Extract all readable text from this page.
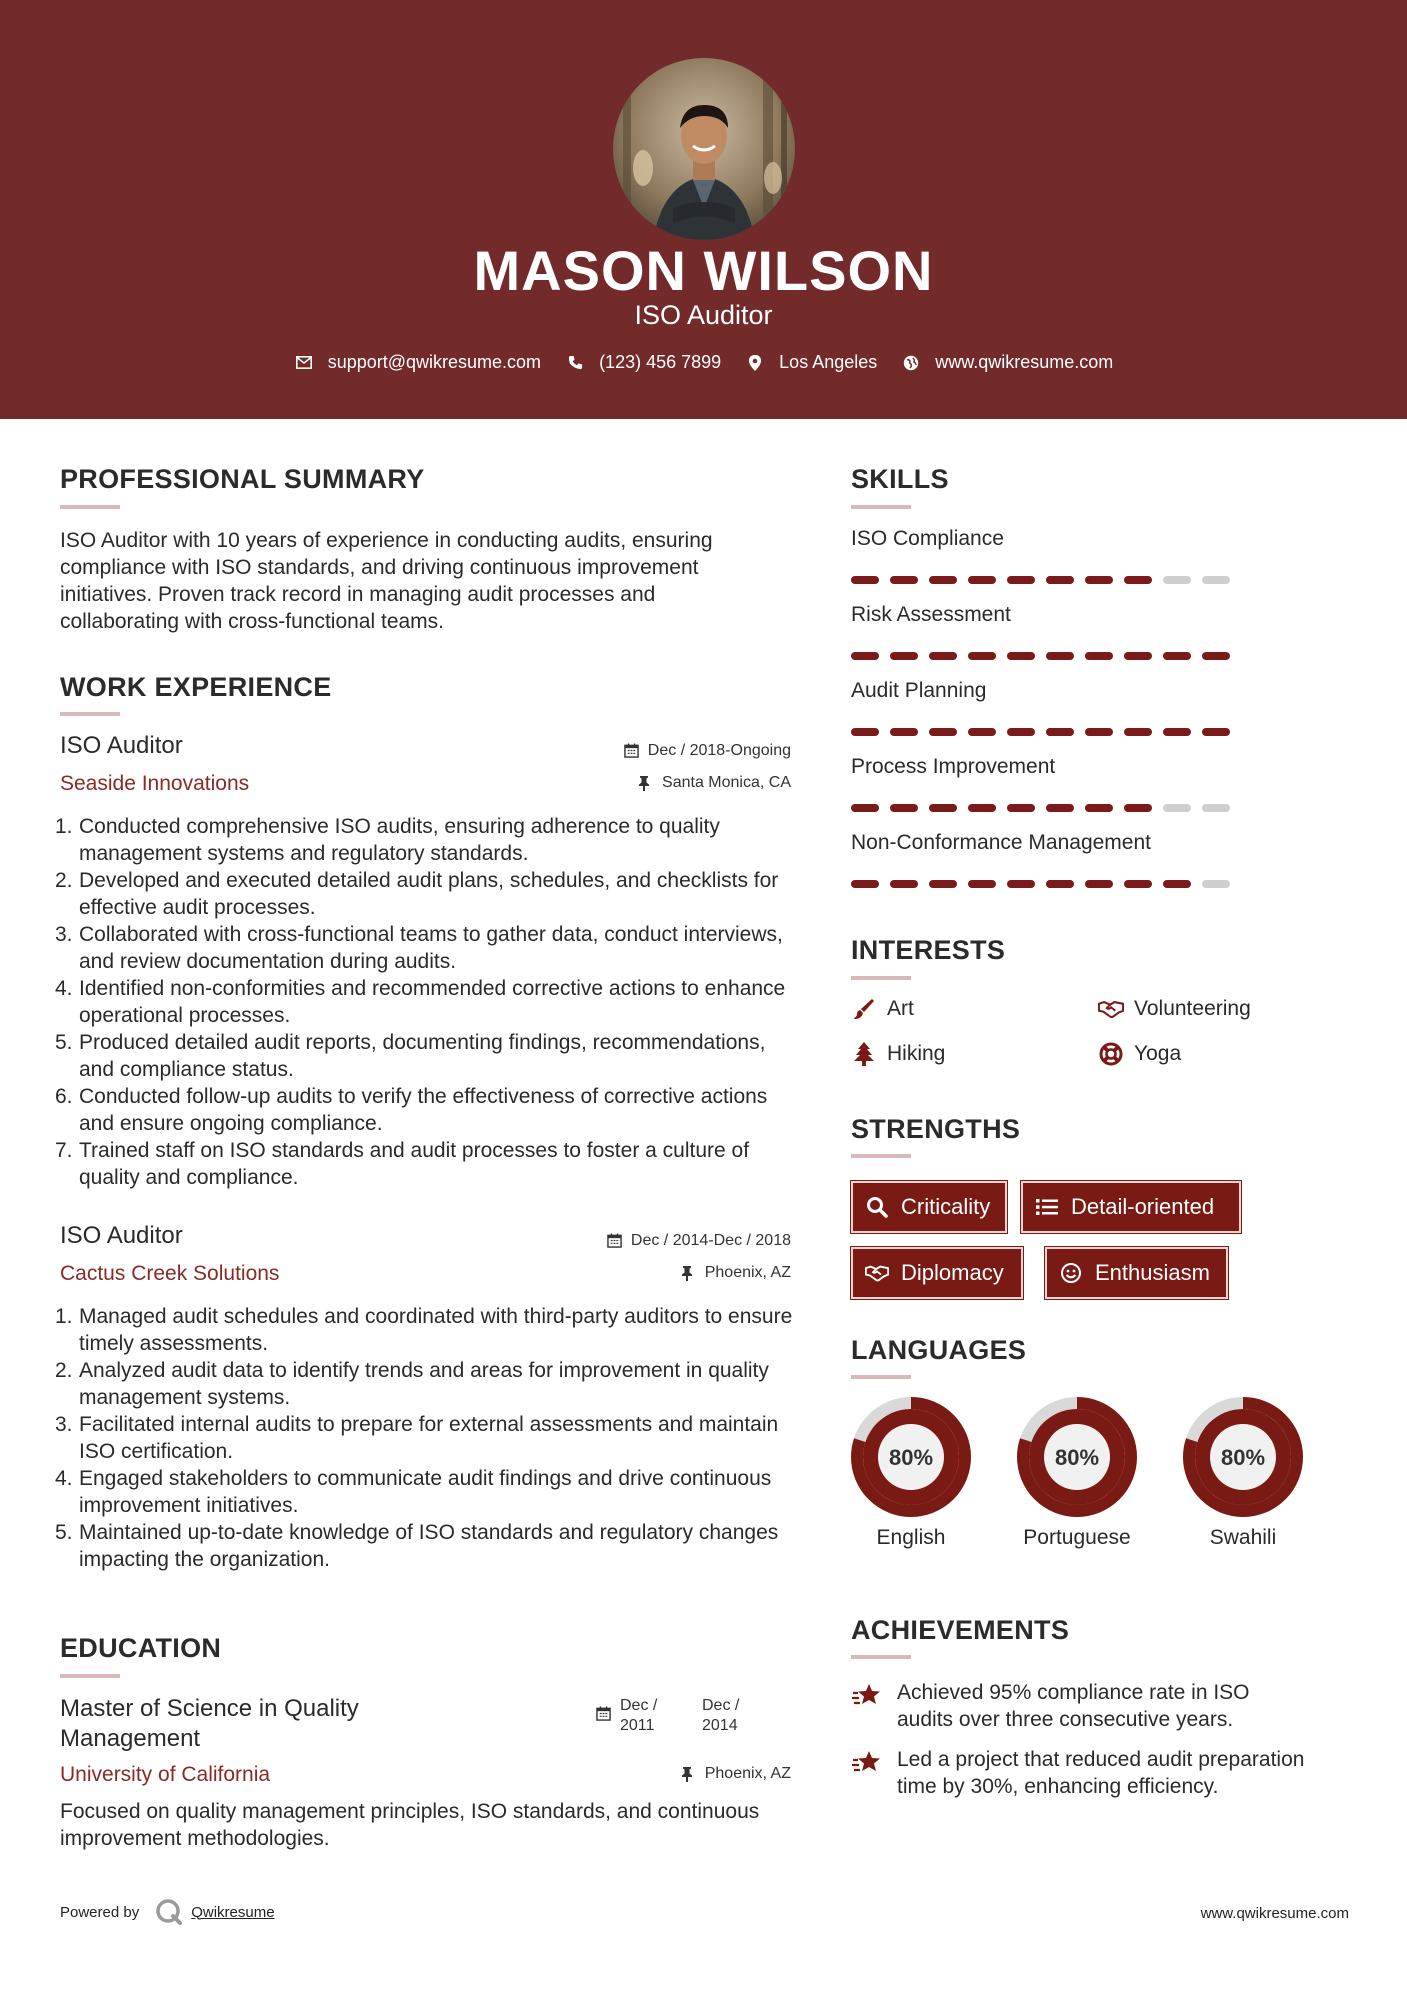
MASON WILSON
ISO Auditor
support@qwikresume.com	(123) 456 7899	Los Angeles	www.qwikresume.com
PROFESSIONAL SUMMARY
ISO Auditor with 10 years of experience in conducting audits, ensuring compliance with ISO standards, and driving continuous improvement initiatives. Proven track record in managing audit processes and collaborating with cross-functional teams.
WORK EXPERIENCE
ISO Auditor	Dec / 2018-Ongoing
Seaside Innovations	Santa Monica, CA
1. Conducted comprehensive ISO audits, ensuring adherence to quality management systems and regulatory standards.
2. Developed and executed detailed audit plans, schedules, and checklists for effective audit processes.
3. Collaborated with cross-functional teams to gather data, conduct interviews, and review documentation during audits.
4. Identified non-conformities and recommended corrective actions to enhance operational processes.
5. Produced detailed audit reports, documenting findings, recommendations, and compliance status.
6. Conducted follow-up audits to verify the effectiveness of corrective actions and ensure ongoing compliance.
7. Trained staff on ISO standards and audit processes to foster a culture of quality and compliance.
ISO Auditor	Dec / 2014-Dec / 2018
Cactus Creek Solutions	Phoenix, AZ
1. Managed audit schedules and coordinated with third-party auditors to ensure timely assessments.
2. Analyzed audit data to identify trends and areas for improvement in quality management systems.
3. Facilitated internal audits to prepare for external assessments and maintain ISO certification.
4. Engaged stakeholders to communicate audit findings and drive continuous improvement initiatives.
5. Maintained up-to-date knowledge of ISO standards and regulatory changes impacting the organization.
EDUCATION
Master of Science in Quality Management
Dec / 2011
Dec / 2014
University of California	Phoenix, AZ
Focused on quality management principles, ISO standards, and continuous improvement methodologies.
SKILLS
ISO Compliance
Risk Assessment
Audit Planning
Process Improvement
Non-Conformance Management
INTERESTS
Art	Volunteering
Hiking	Yoga
STRENGTHS
Criticality	Detail-oriented
Diplomacy	Enthusiasm
LANGUAGES
80%
English
80%
Portuguese
80%
Swahili
ACHIEVEMENTS
Achieved 95% compliance rate in ISO audits over three consecutive years.
Led a project that reduced audit preparation time by 30%, enhancing efficiency.
Powered by	Qwikresume	www.qwikresume.com
